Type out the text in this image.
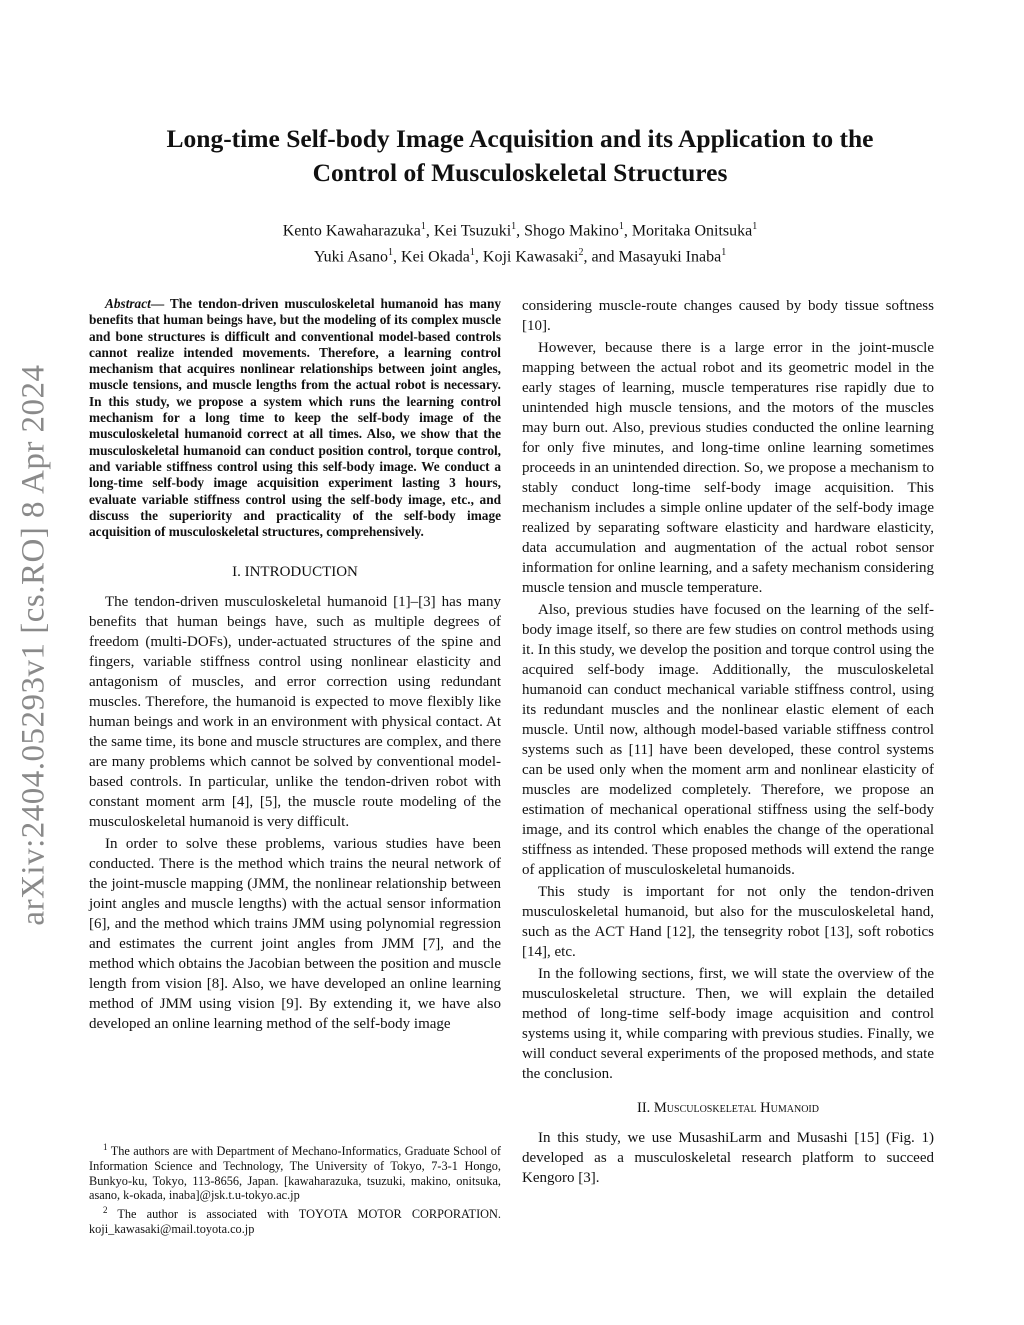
arXiv:2404.05293v1 [cs.RO] 8 Apr 2024
Long-time Self-body Image Acquisition and its Application to the
Control of Musculoskeletal Structures
Kento Kawaharazuka$^1$, Kei Tsuzuki$^1$, Shogo Makino$^1$, Moritaka Onitsuka$^1$
Yuki Asano$^1$, Kei Okada$^1$, Koji Kawasaki$^2$, and Masayuki Inaba$^1$

Abstract— The tendon-driven musculoskeletal humanoid has many benefits that human beings have, but the modeling of its complex muscle and bone structures is difficult and conventional model-based controls cannot realize intended movements. Therefore, a learning control mechanism that acquires nonlinear relationships between joint angles, muscle tensions, and muscle lengths from the actual robot is necessary. In this study, we propose a system which runs the learning control mechanism for a long time to keep the self-body image of the musculoskeletal humanoid correct at all times. Also, we show that the musculoskeletal humanoid can conduct position control, torque control, and variable stiffness control using this self-body image. We conduct a long-time self-body image acquisition experiment lasting 3 hours, evaluate variable stiffness control using the self-body image, etc., and discuss the superiority and practicality of the self-body image acquisition of musculoskeletal structures, comprehensively.

I. INTRODUCTION

The tendon-driven musculoskeletal humanoid [1]–[3] has many benefits that human beings have, such as multiple degrees of freedom (multi-DOFs), under-actuated structures of the spine and fingers, variable stiffness control using nonlinear elasticity and antagonism of muscles, and error correction using redundant muscles. Therefore, the humanoid is expected to move flexibly like human beings and work in an environment with physical contact. At the same time, its bone and muscle structures are complex, and there are many problems which cannot be solved by conventional model-based controls. In particular, unlike the tendon-driven robot with constant moment arm [4], [5], the muscle route modeling of the musculoskeletal humanoid is very difficult.

In order to solve these problems, various studies have been conducted. There is the method which trains the neural network of the joint-muscle mapping (JMM, the nonlinear relationship between joint angles and muscle lengths) with the actual sensor information [6], and the method which trains JMM using polynomial regression and estimates the current joint angles from JMM [7], and the method which obtains the Jacobian between the position and muscle length from vision [8]. Also, we have developed an online learning method of JMM using vision [9]. By extending it, we have also developed an online learning method of the self-body image

considering muscle-route changes caused by body tissue softness [10].

However, because there is a large error in the joint-muscle mapping between the actual robot and its geometric model in the early stages of learning, muscle temperatures rise rapidly due to unintended high muscle tensions, and the motors of the muscles may burn out. Also, previous studies conducted the online learning for only five minutes, and long-time online learning sometimes proceeds in an unintended direction. So, we propose a mechanism to stably conduct long-time self-body image acquisition. This mechanism includes a simple online updater of the self-body image realized by separating software elasticity and hardware elasticity, data accumulation and augmentation of the actual robot sensor information for online learning, and a safety mechanism considering muscle tension and muscle temperature.

Also, previous studies have focused on the learning of the self-body image itself, so there are few studies on control methods using it. In this study, we develop the position and torque control using the acquired self-body image. Additionally, the musculoskeletal humanoid can conduct mechanical variable stiffness control, using its redundant muscles and the nonlinear elastic element of each muscle. Until now, although model-based variable stiffness control systems such as [11] have been developed, these control systems can be used only when the moment arm and nonlinear elasticity of muscles are modelized completely. Therefore, we propose an estimation of mechanical operational stiffness using the self-body image, and its control which enables the change of the operational stiffness as intended. These proposed methods will extend the range of application of musculoskeletal humanoids.

This study is important for not only the tendon-driven musculoskeletal humanoid, but also for the musculoskeletal hand, such as the ACT Hand [12], the tensegrity robot [13], soft robotics [14], etc.

In the following sections, first, we will state the overview of the musculoskeletal structure. Then, we will explain the detailed method of long-time self-body image acquisition and control systems using it, while comparing with previous studies. Finally, we will conduct several experiments of the proposed methods, and state the conclusion.

II. Musculoskeletal Humanoid

In this study, we use MusashiLarm and Musashi [15] (Fig. 1) developed as a musculoskeletal research platform to succeed Kengoro [3].

$^1$ The authors are with Department of Mechano-Informatics, Graduate School of Information Science and Technology, The University of Tokyo, 7-3-1 Hongo, Bunkyo-ku, Tokyo, 113-8656, Japan. [kawaharazuka, tsuzuki, makino, onitsuka, asano, k-okada, inaba]@jsk.t.u-tokyo.ac.jp

$^2$ The author is associated with TOYOTA MOTOR CORPORATION. koji_kawasaki@mail.toyota.co.jp
